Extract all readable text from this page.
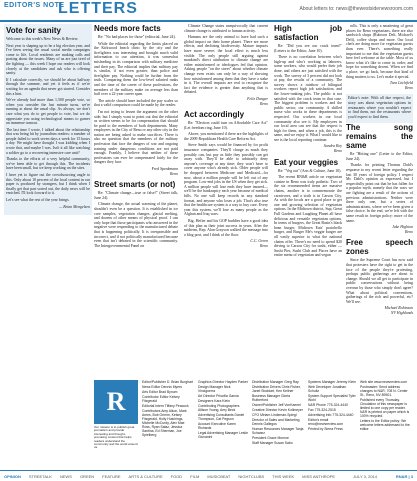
EDITOR'S NOTE
LETTERS	About letters to: news@thewestsidenewsroom.com
Vote for sanity

Welcome to this week's New News & Review.

Next year is shaping up to be a big election year, and I've been seeing the usual social media campaigns come to life. Local residents are making calls and posting about the issues. Many of us are just tired of the fighting — this week I hope our readers will look closely at the candidates and ask who is offering sanity.

If I calculate correctly, we should be about halfway through the summer, and yet it feels as if we're waiting for an agenda that never got started. Consider this a hint.

We've already had more than 1,500 people vote, so when you consider the last minute turns, we're running at about the usual clip. As always, we don't care what you do to get people to vote, but we do appreciate you using technological means to garner an immense turnout.

The last time I wrote, I talked about the relationship that was being hit by journalism readers: a number of people failed to work seven days a week for 15 hours a day. We might have thought I was kidding when I wrote that, and maybe I was. Isn't it all like watching a soldier go to a recovering intensive care unit?

Thanks to the efforts of a very helpful community, we've been able to get through this. The incidents have been small, but we keep working on the sites.

I have yet to figure out the crowdsourcing angle to this. Only about 10 percent of the local content in our paper is produced by strangers, but I think when I finally get that part sorted out, the daily news will be enriched. I'll look forward to it.

Let's see what the rest of the year brings.

— Brian Mengelsen
Needs more facts

Re: "No bad places for those" (editorial, June 24).

While the editorial regarding the limits placed on the Kirkwood beach clinic by the city and the firefighters was interesting and brought much valid information to our attention, it was somewhat misleading in its comparison with military medicine and their pay. The editorial implies that military pay is similar, if not even greater, than police and firefighter pay. Nothing could be further from the truth. Comparing them the low-level salaried ranks and the time of the career of these professions, the members of the military make on average less than half over a 22-year career span.

The article should have included the pay scales so that a valid comparison could be made by the reader.

I'm not trying to lessen the argument on the other side; but I simply want to point out that the editorial as written seems to be for compensation that should be paid to the members of both departments. Many employees in the City of Reno or any other city in the nation are being asked to make sacrifices. There is also no question that the members of the military profession that face the dangers of war and ongoing training under dangerous conditions are not paid enough. Frankly, I believe that neither of these professions can ever be compensated fairly for the dangers they face.

Fred Spenkmann
Reno
Street smarts (or not)

Re: "Climate change—true or false?" (Street talk, June 24).

Climate change, the actual warming of the planet, shouldn't even be a question. It is established in ice core samples, vegetation changes, glacial melting, and dozens of other means of physical proof. I can only hope that those participants who answered in the negative were responding to the manufactured debate that is happening politically. It is irresponsible and incorrect, and if not politically manufactured because even that isn't debated in the scientific community. The Intergovernmental Panel on

Climate Change states unequivocally that current climate change is attributed to human activity.

Humans are the only animal to have had such a global impact on their home planet. There are more effects, and declining biodiversity. Mature impacts have more severe; the local effect is much less visible. The only people still arguing against mankind's direct attribution to climate change are either misinformed or ideologues fed that opinion. Asking people "on the street" about whether climate change even exists can only be a way of showing how misinformed among them that they have a stake in it. The overall impacts are real to recognize the fact the evidence is greater than anything that is debated.

Felix Danger
Reno
Act accordingly

Re: "Election could turn on Affordable Care Act" (Let freedom ring, June 10).

Above, you mentioned if there are the highlights of the 2009 Republican Health Care Reform Act.

Steve Smith says would be financed by for profit insurance companies. They'll charge as much they possibly can, but pay as little they possibly can get away with. They'll be able to arbitrarily deny anyone's coverage at any time; they won't have to cover anyone who's already sick. Older people will be dropped between Medicare and Medicaid—for now, about a million people will be left out of any program. Low-end jobs in the US when they get sick. A million people will lose ends they have insured—we'll be the bankruptcy each year because of medical bills. No one will keep records in any standard format, and anyone who loses a job. That's also true that the healthcare system is a way to buy care. Every year this system, we'll lose as many people as the Afghan and Iraq wars.

Big. Hefter and his GOP buddies have a good idea of this plan as their joint success in years. After the midterm, Rep. Alan Grayson walked the message into a blog post, and I think of the floor.

C.C. Green
Reno
High job satisfaction

Re: "Did you see our crack team?" (Letters to the Editor, June 10).

There is no correlation between who's high-up and who's working as laborers, some workers, who would prefer their job done, and others are just satisfied with the work. The survey of 3 percent did not look at pay, the results of a community. The survey shows a rainbow of bilingual workers report high job satisfaction, and the lower-ranking jobs. The public is not satisfied with the crack team in that case. The biggest problem is workers and the public sector, our community. A skilled nurse who works in these departments is respected. Our workers in our local community also see it. My employees in our local area can see that the respect is high for them, and when a job, this is the same, and we enjoy it. What I would like to see is the local reporting continue.

Sandra Roy
Reno
Eat your veggies

Re: "Veg out" (Arts & Culture, June 10).

The recent RN&R article on vegetarian cuisine in Reno was truly pathetic. Two of the six recommended items are massive chains, another is to commemorate the carnivores, and a sixth is in Carson City. As with the locals are a good place to get one and growing selection of vegetarian options. In the Midtown district, Sup, Great Full Gardens and Laughing Planet all have delicious and versatile vegetarian options. In terms of burgers, the Great Basin's black bean burger, Midtown Eats' portobello burger, and Burger Me's veggie burger are all vastly superior to what the national chains offer. There's no need to spend $20 driving to Carson City for sushi, either — Sushi Pier, Sushi Club and Pisces have an entire menu of vegetarian and vegan

rolls. This is only a smattering of great places for Reno vegetarians, there are also sandwich shops (Rubicon Deli, Michael's Deli), coffee shops and more. Our local chefs are doing more for vegetarian guests than ever. There's something really important to me that the vegetarian guests here feel welcome at the table. Most of us know what it's like to come in, order, and hope for something decent. When we find a place, we go back, because that kind of thing matters to us. Let's make it special.

Tara Litchfield
Reno

Editor's note: With all due respect, the story was about vegetarian options in restaurants where you wouldn't expect to find them, not the restaurants where you'd expect to find them.

The song remains the same

Re "Hitting one" (Letter to the Editor, June 24).

Thanks for printing Thomas Dahl's response to my recent letter regarding the last 30 years of foreign policy. I respect Mr. Dahl's opinion as expressed, but I respectfully point out that he has fallen for a popular myth, namely that the wars we are fighting are a result of the actions of previous administrations. Neither were there only one, but a series of administrations, where we've been given a false choice. In the end, we're left with the same result in foreign policy: more of the same.

Jake Highton
Reno
Free speech zones

Since the Supreme Court has now said that protesters have the right to get in the face of the people they're protesting, perhaps public gatherings are about to change. Should we all get to participate in public conversations without being overrun by those who simply don't agree? What about political conventions, gatherings of the rich and powerful, etc? We'll see.

Michael Robinson
NV Highlands
R
Our mission is to publish great journalism and provide interesting and thought-provoking content that helps readers understand the community and the world around us.
Editor/Publisher D. Brian Burghart
News Editor Dennis Myers
Arts Editor Brad Bynum
Contributor Editor Kelsey Fitzgerald
Editorial Intern Tiffany Peacock
Contributors Amy Alkon, Mark Ames, Bob Grimm, Kelsey Fitzgerald, Holly Hutchings, Michelle McCurdy, Alex Mae Ross, Ryan Salaz, Jessica Santina, Ed Sherman, Joe Spielberg
Graphics Director Hayden Parker
Design Manager Nick Vinciguerra
Art Director Priscilla Garcia
Designers Kara Klein
Contributing Photographers Allison Young, Amy Beck
Advertising Consultants Daniel Thompson, Cat Pegson
Account Executive Karen Richards
Legal Advertising Manager Leslie Giovanini
Distribution Manager Greg Ray
Distribution Drivers Chris Fisher, Janet Stoddart, Ken Kellner
Business Manager Gloria Rutherford
Owner/Publisher Jeff VonKaenel
Creative Director Kevin Kollmeyer
CFO Miriam Lindeman-Spiegl
Director of Sales and Marketing Dennis Gallegos
Human Resources Manager Tanja Schwarz
President Grace Monroe
Staff Manager Susan Sabo
Systems Manager Jeremy Klein
Web Developer Jonathan Schultz
System Support Specialist Tyler Wohl
N&R Phone 775-324-4440
Fax 775-324-2515
Advertising Info 775-324-4440
Editor's email reno@newsreview.com
Printed by Sierra Press
Web site www.newsreview.com
Postmaster: Send address changes to N&R, 708 N. Center St., Reno, NV 89501.
Published every Thursday. Circulation of this newspaper is limited to one copy per reader. N&R is printed on paper which is 100% recycled.
Letters to the Editor policy: We welcome letters addressed to the editor.
OPINION STREETALK NEWS GREEN FEATURE ARTS & CULTURE FOOD FILM MUSICBEAT NIGHTCLUBS THIS WEEK MISS ANTHROPE	JULY 3, 2014	RN&R | 3
